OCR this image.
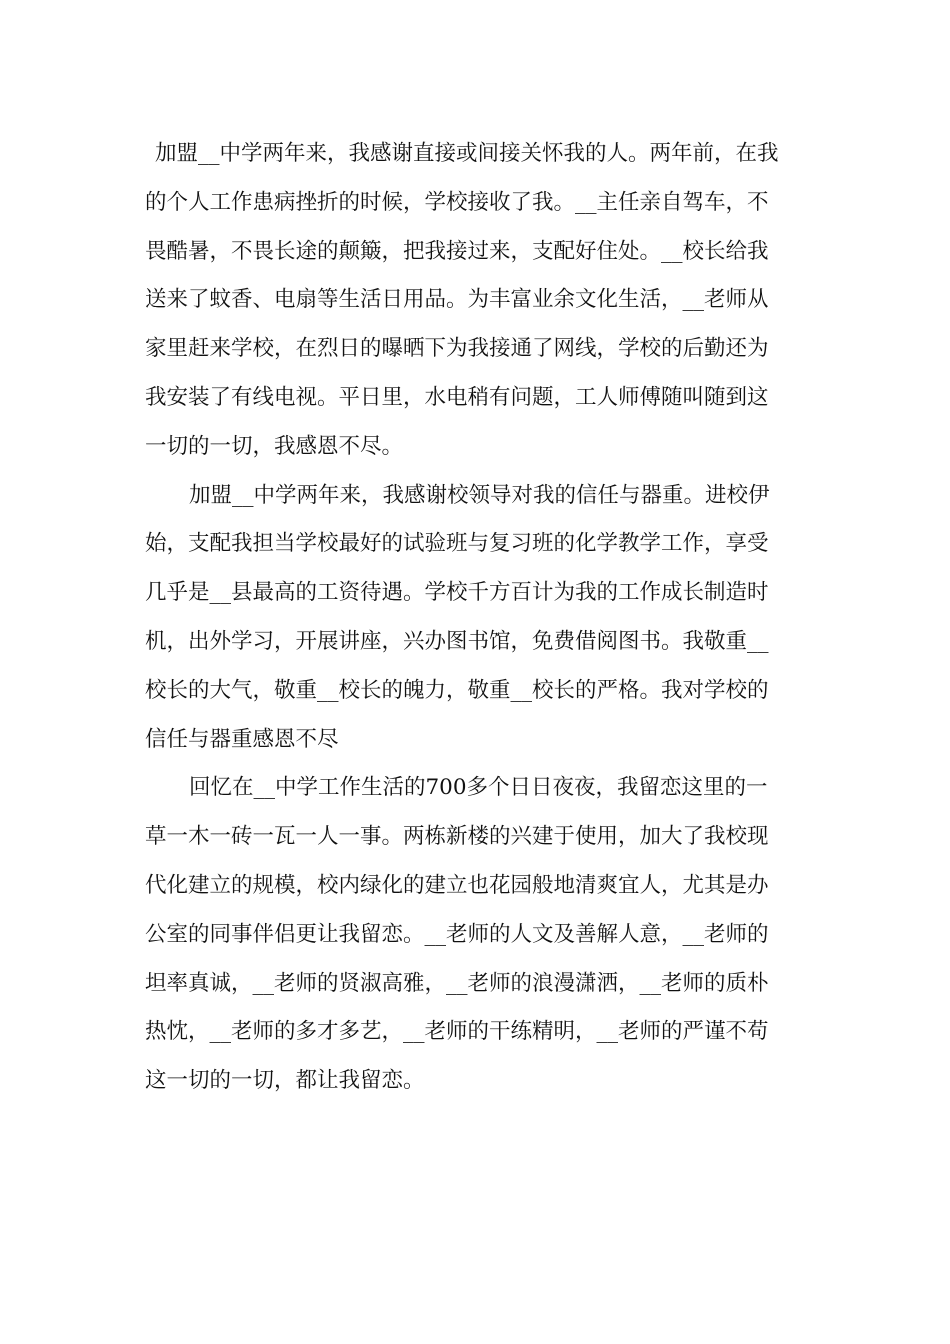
加盟__中学两年来，我感谢直接或间接关怀我的人。两年前，在我
的个人工作患病挫折的时候，学校接收了我。__主任亲自驾车，不
畏酷暑，不畏长途的颠簸，把我接过来，支配好住处。__校长给我
送来了蚊香、电扇等生活日用品。为丰富业余文化生活，__老师从
家里赶来学校，在烈日的曝晒下为我接通了网线，学校的后勤还为
我安装了有线电视。平日里，水电稍有问题，工人师傅随叫随到这
一切的一切，我感恩不尽。
加盟__中学两年来，我感谢校领导对我的信任与器重。进校伊
始，支配我担当学校最好的试验班与复习班的化学教学工作，享受
几乎是__县最高的工资待遇。学校千方百计为我的工作成长制造时
机，出外学习，开展讲座，兴办图书馆，免费借阅图书。我敬重__
校长的大气，敬重__校长的魄力，敬重__校长的严格。我对学校的
信任与器重感恩不尽
回忆在__中学工作生活的700多个日日夜夜，我留恋这里的一
草一木一砖一瓦一人一事。两栋新楼的兴建于使用，加大了我校现
代化建立的规模，校内绿化的建立也花园般地清爽宜人，尤其是办
公室的同事伴侣更让我留恋。__老师的人文及善解人意，__老师的
坦率真诚，__老师的贤淑高雅，__老师的浪漫潇洒，__老师的质朴
热忱，__老师的多才多艺，__老师的干练精明，__老师的严谨不苟
这一切的一切，都让我留恋。
